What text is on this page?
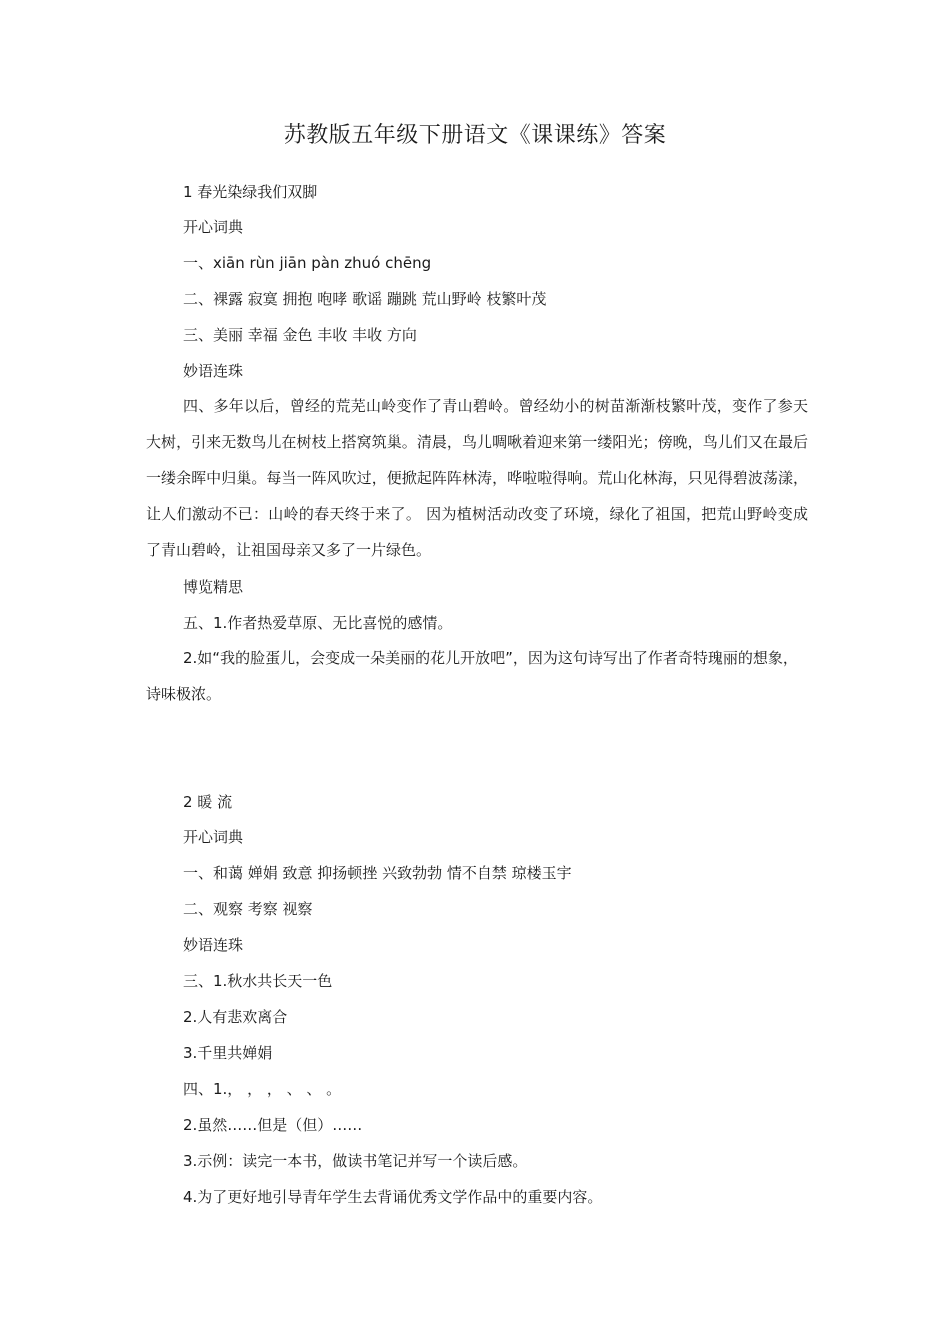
苏教版五年级下册语文《课课练》答案
1 春光染绿我们双脚
开心词典
一、xiān rùn jiān pàn zhuó chēng
二、裸露 寂寞 拥抱 咆哮 歌谣 蹦跳 荒山野岭 枝繁叶茂
三、美丽 幸福 金色 丰收 丰收 方向
妙语连珠
四、多年以后，曾经的荒芜山岭变作了青山碧岭。曾经幼小的树苗渐渐枝繁叶茂，变作了参天大树，引来无数鸟儿在树枝上搭窝筑巢。清晨，鸟儿啁啾着迎来第一缕阳光；傍晚，鸟儿们又在最后一缕余晖中归巢。每当一阵风吹过，便掀起阵阵林涛，哗啦啦得响。荒山化林海，只见得碧波荡漾，让人们激动不已：山岭的春天终于来了。 因为植树活动改变了环境，绿化了祖国，把荒山野岭变成了青山碧岭，让祖国母亲又多了一片绿色。
博览精思
五、1.作者热爱草原、无比喜悦的感情。
2.如“我的脸蛋儿，会变成一朵美丽的花儿开放吧”，因为这句诗写出了作者奇特瑰丽的想象，诗味极浓。
2 暖 流
开心词典
一、和蔼 婵娟 致意 抑扬顿挫 兴致勃勃 情不自禁 琼楼玉宇
二、观察 考察 视察
妙语连珠
三、1.秋水共长天一色
2.人有悲欢离合
3.千里共婵娟
四、1.， ， ， 、 、 。
2.虽然……但是（但）……
3.示例：读完一本书，做读书笔记并写一个读后感。
4.为了更好地引导青年学生去背诵优秀文学作品中的重要内容。
